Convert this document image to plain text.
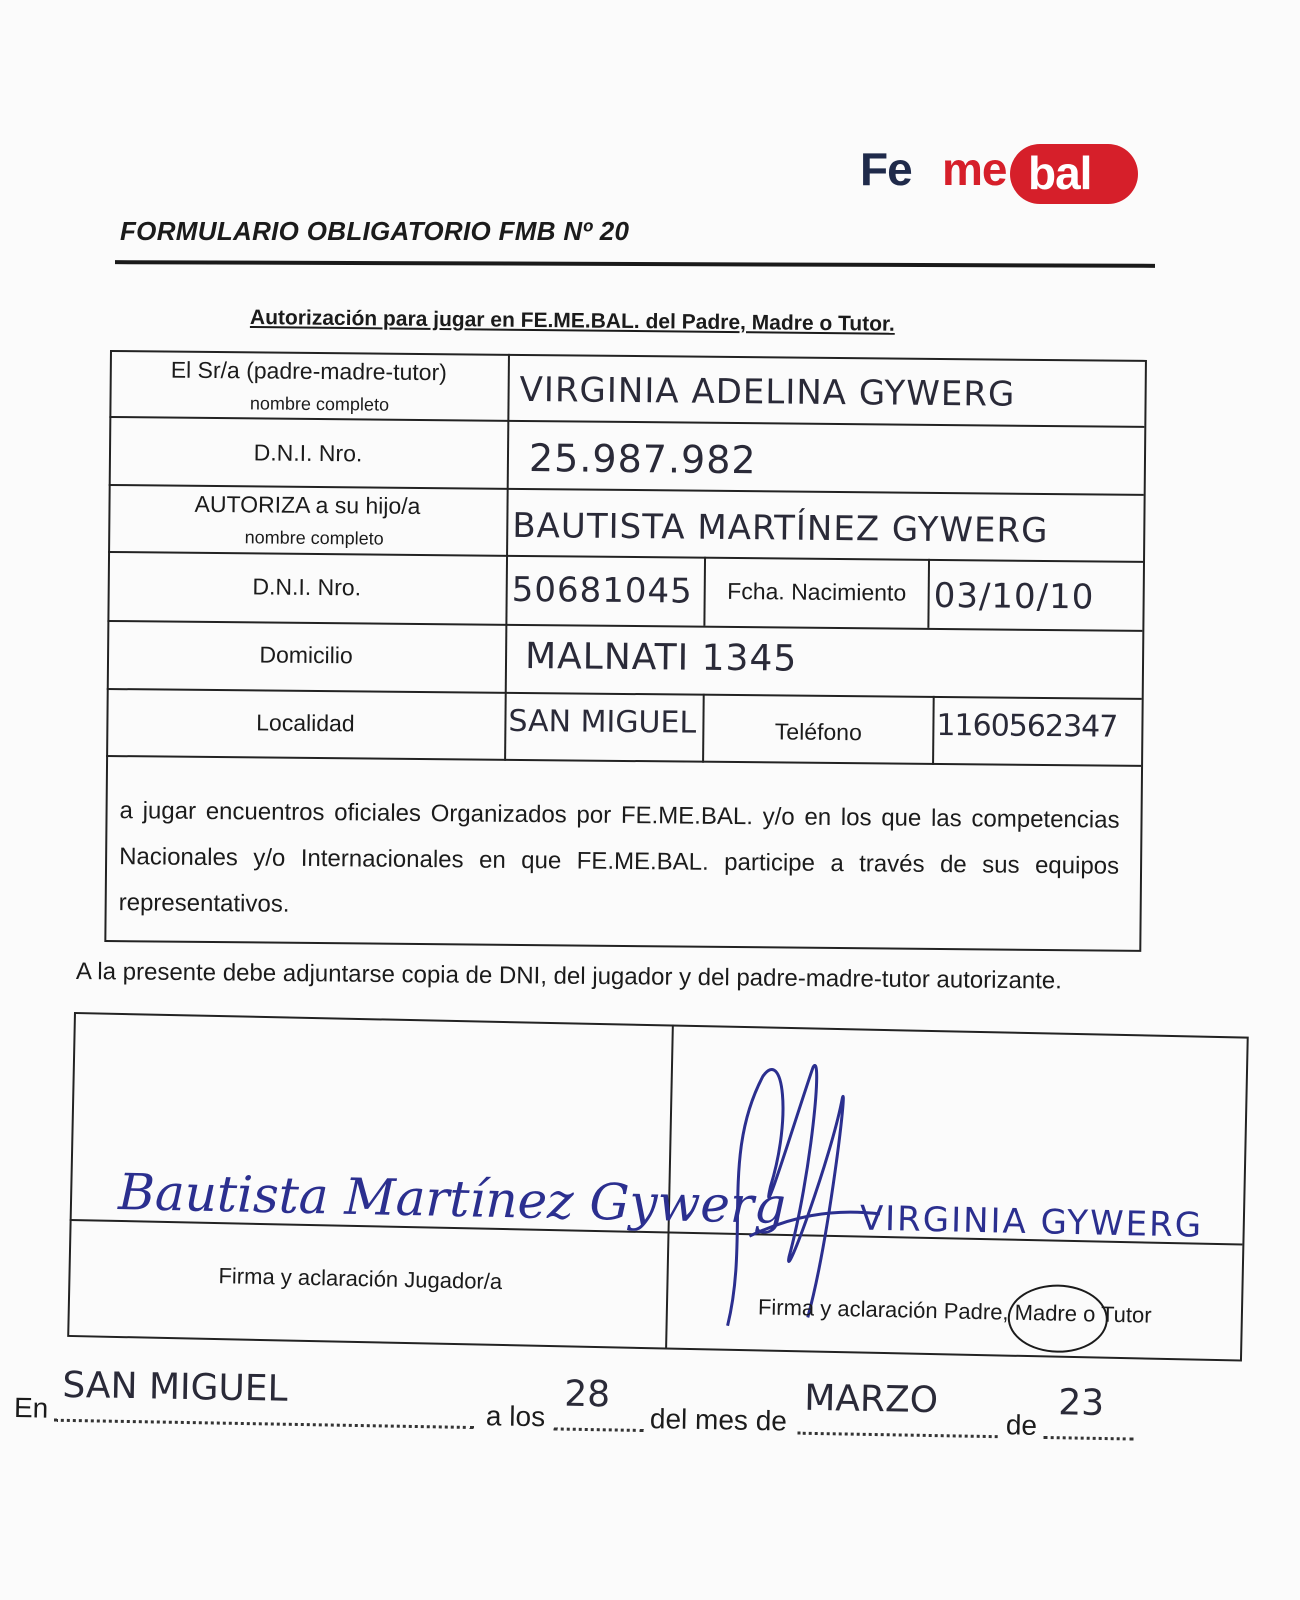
Fe me bal
FORMULARIO OBLIGATORIO FMB Nº 20
Autorización para jugar en FE.ME.BAL. del Padre, Madre o Tutor.
El Sr/a (padre-madre-tutor)
nombre completo	VIRGINIA ADELINA GYWERG
D.N.I. Nro.	25.987.982
AUTORIZA a su hijo/a
nombre completo	BAUTISTA MARTÍNEZ GYWERG
D.N.I. Nro.	50681045	Fcha. Nacimiento 03/10/10
Domicilio	MALNATI 1345
Localidad	SAN MIGUEL	Teléfono	1160562347
a jugar encuentros oficiales Organizados por FE.ME.BAL. y/o en los que las competencias Nacionales y/o Internacionales en que FE.ME.BAL. participe a través de sus equipos representativos.
A la presente debe adjuntarse copia de DNI, del jugador y del padre-madre-tutor autorizante.
Bautista Martínez Gywerg
Firma y aclaración Jugador/a
VIRGINIA GYWERG
Firma y aclaración Padre, Madre o Tutor
En SAN MIGUEL
a los
28
del mes de MARZO
de
23
